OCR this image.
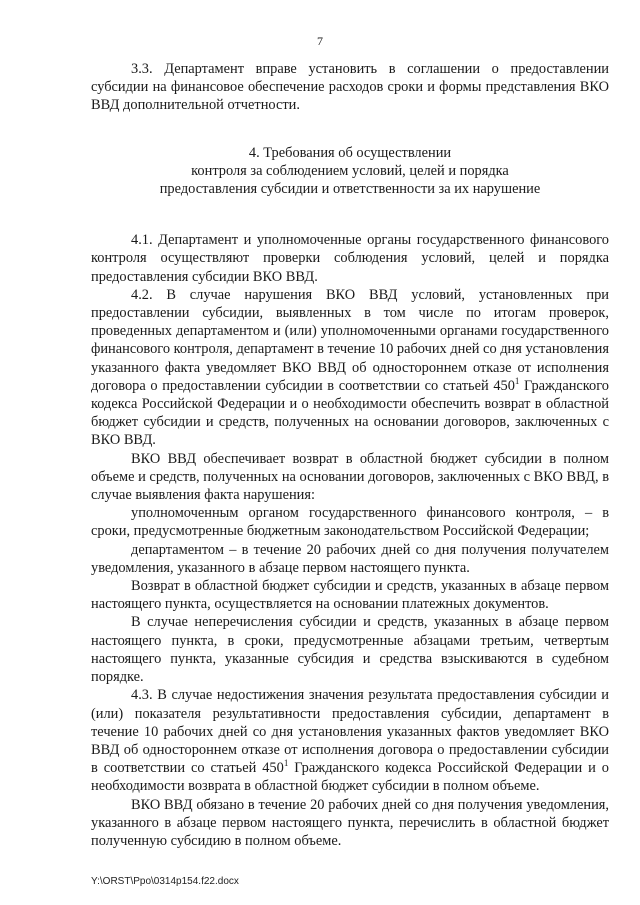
7

3.3. Департамент вправе установить в соглашении о предоставлении субсидии на финансовое обеспечение расходов сроки и формы представления ВКО ВВД дополнительной отчетности.

4. Требования об осуществлении
контроля за соблюдением условий, целей и порядка
предоставления субсидии и ответственности за их нарушение

4.1. Департамент и уполномоченные органы государственного финансового контроля осуществляют проверки соблюдения условий, целей и порядка предоставления субсидии ВКО ВВД.

4.2. В случае нарушения ВКО ВВД условий, установленных при предоставлении субсидии, выявленных в том числе по итогам проверок, проведенных департаментом и (или) уполномоченными органами государственного финансового контроля, департамент в течение 10 рабочих дней со дня установления указанного факта уведомляет ВКО ВВД об одностороннем отказе от исполнения договора о предоставлении субсидии в соответствии со статьей $450^1$ Гражданского кодекса Российской Федерации и о необходимости обеспечить возврат в областной бюджет субсидии и средств, полученных на основании договоров, заключенных с ВКО ВВД.

ВКО ВВД обеспечивает возврат в областной бюджет субсидии в полном объеме и средств, полученных на основании договоров, заключенных с ВКО ВВД, в случае выявления факта нарушения:

уполномоченным органом государственного финансового контроля, – в сроки, предусмотренные бюджетным законодательством Российской Федерации;

департаментом – в течение 20 рабочих дней со дня получения получателем уведомления, указанного в абзаце первом настоящего пункта.

Возврат в областной бюджет субсидии и средств, указанных в абзаце первом настоящего пункта, осуществляется на основании платежных документов.

В случае неперечисления субсидии и средств, указанных в абзаце первом настоящего пункта, в сроки, предусмотренные абзацами третьим, четвертым настоящего пункта, указанные субсидия и средства взыскиваются в судебном порядке.

4.3. В случае недостижения значения результата предоставления субсидии и (или) показателя результативности предоставления субсидии, департамент в течение 10 рабочих дней со дня установления указанных фактов уведомляет ВКО ВВД об одностороннем отказе от исполнения договора о предоставлении субсидии в соответствии со статьей $450^1$ Гражданского кодекса Российской Федерации и о необходимости возврата в областной бюджет субсидии в полном объеме.

ВКО ВВД обязано в течение 20 рабочих дней со дня получения уведомления, указанного в абзаце первом настоящего пункта, перечислить в областной бюджет полученную субсидию в полном объеме.

Y:\ORST\Ppo\0314p154.f22.docx
